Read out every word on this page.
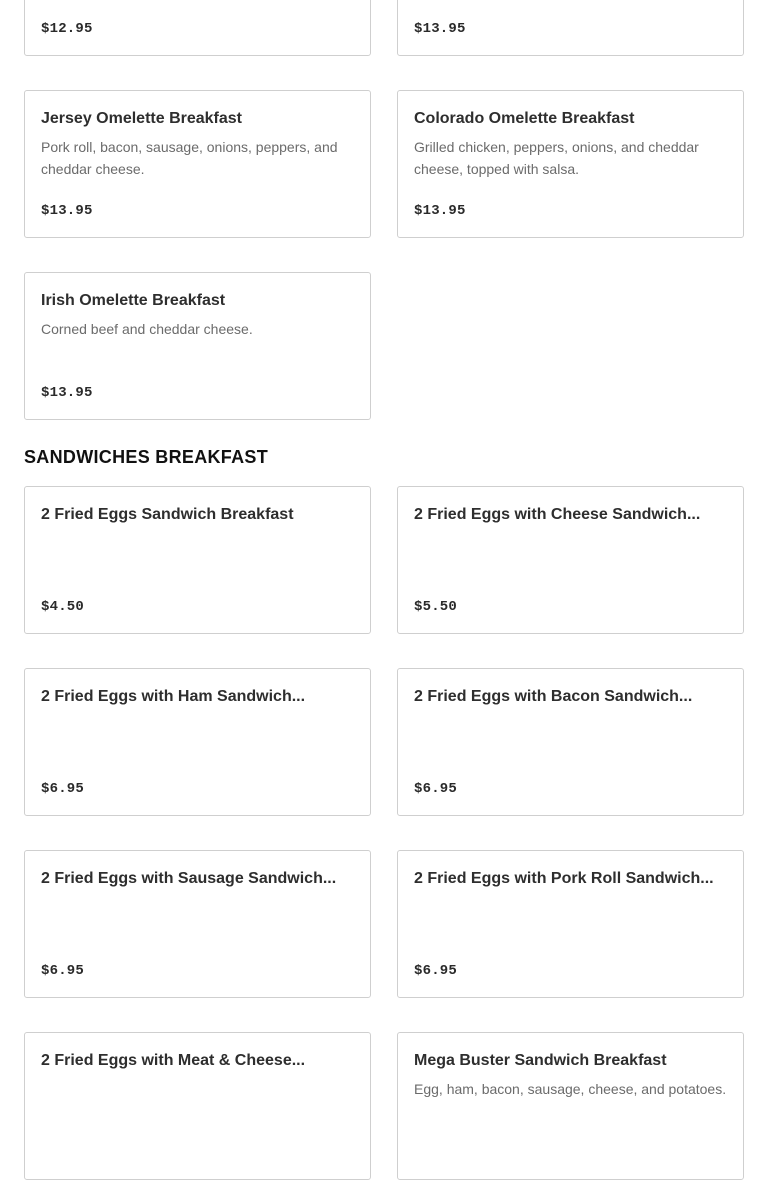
$12.95	$13.95
Jersey Omelette Breakfast
Pork roll, bacon, sausage, onions, peppers, and cheddar cheese.
$13.95
Colorado Omelette Breakfast
Grilled chicken, peppers, onions, and cheddar cheese, topped with salsa.
$13.95
Irish Omelette Breakfast
Corned beef and cheddar cheese.
$13.95
SANDWICHES BREAKFAST
2 Fried Eggs Sandwich Breakfast
$4.50
2 Fried Eggs with Cheese Sandwich...
$5.50
2 Fried Eggs with Ham Sandwich...
$6.95
2 Fried Eggs with Bacon Sandwich...
$6.95
2 Fried Eggs with Sausage Sandwich...
$6.95
2 Fried Eggs with Pork Roll Sandwich...
$6.95
2 Fried Eggs with Meat & Cheese...	Mega Buster Sandwich Breakfast
Egg, ham, bacon, sausage, cheese, and potatoes.
